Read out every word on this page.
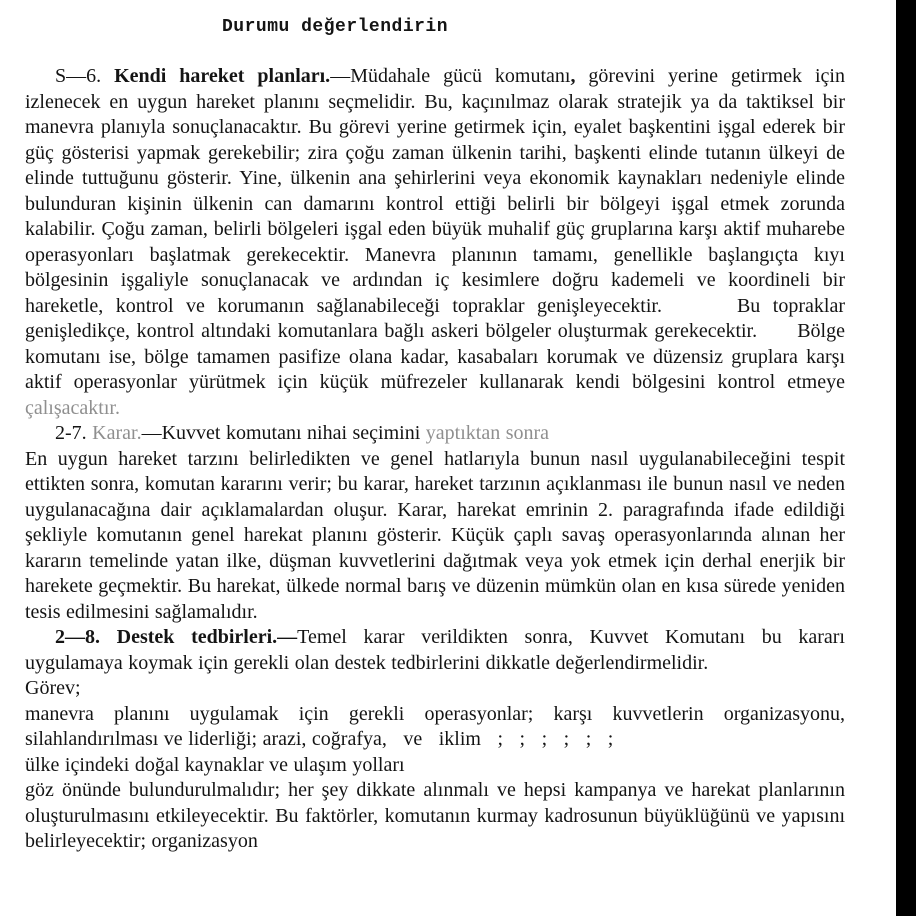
Durumu değerlendirin

S—6. Kendi hareket planları.—Müdahale gücü komutanı, görevini yerine getirmek için izlenecek en uygun hareket planını seçmelidir. Bu, kaçınılmaz olarak stratejik ya da taktiksel bir manevra planıyla sonuçlanacaktır. Bu görevi yerine getirmek için, eyalet başkentini işgal ederek bir güç gösterisi yapmak gerekebilir; zira çoğu zaman ülkenin tarihi, başkenti elinde tutanın ülkeyi de elinde tuttuğunu gösterir. Yine, ülkenin ana şehirlerini veya ekonomik kaynakları nedeniyle elinde bulunduran kişinin ülkenin can damarını kontrol ettiği belirli bir bölgeyi işgal etmek zorunda kalabilir. Çoğu zaman, belirli bölgeleri işgal eden büyük muhalif güç gruplarına karşı aktif muharebe operasyonları başlatmak gerekecektir. Manevra planının tamamı, genellikle başlangıçta kıyı bölgesinin işgaliyle sonuçlanacak ve ardından iç kesimlere doğru kademeli ve koordineli bir hareketle, kontrol ve korumanın sağlanabileceği topraklar genişleyecektir.      Bu topraklar genişledikçe, kontrol altındaki komutanlara bağlı askeri bölgeler oluşturmak gerekecektir.      Bölge komutanı ise, bölge tamamen pasifize olana kadar, kasabaları korumak ve düzensiz gruplara karşı aktif operasyonlar yürütmek için küçük müfrezeler kullanarak kendi bölgesini kontrol etmeye çalışacaktır.

2-7. Karar.—Kuvvet komutanı nihai seçimini yaptıktan sonra

En uygun hareket tarzını belirledikten ve genel hatlarıyla bunun nasıl uygulanabileceğini tespit ettikten sonra, komutan kararını verir; bu karar, hareket tarzının açıklanması ile bunun nasıl ve neden uygulanacağına dair açıklamalardan oluşur. Karar, harekat emrinin 2. paragrafında ifade edildiği şekliyle komutanın genel harekat planını gösterir. Küçük çaplı savaş operasyonlarında alınan her kararın temelinde yatan ilke, düşman kuvvetlerini dağıtmak veya yok etmek için derhal enerjik bir harekete geçmektir. Bu harekat, ülkede normal barış ve düzenin mümkün olan en kısa sürede yeniden tesis edilmesini sağlamalıdır.

2—8. Destek tedbirleri.—Temel karar verildikten sonra, Kuvvet Komutanı bu kararı uygulamaya koymak için gerekli olan destek tedbirlerini dikkatle değerlendirmelidir.

Görev;

manevra planını uygulamak için gerekli operasyonlar; karşı kuvvetlerin organizasyonu, silahlandırılması ve liderliği; arazi, coğrafya,   ve   iklim   ;   ;   ;   ;   ;   ;

ülke içindeki doğal kaynaklar ve ulaşım yolları

göz önünde bulundurulmalıdır; her şey dikkate alınmalı ve hepsi kampanya ve harekat planlarının oluşturulmasını etkileyecektir. Bu faktörler, komutanın kurmay kadrosunun büyüklüğünü ve yapısını belirleyecektir; organizasyon
